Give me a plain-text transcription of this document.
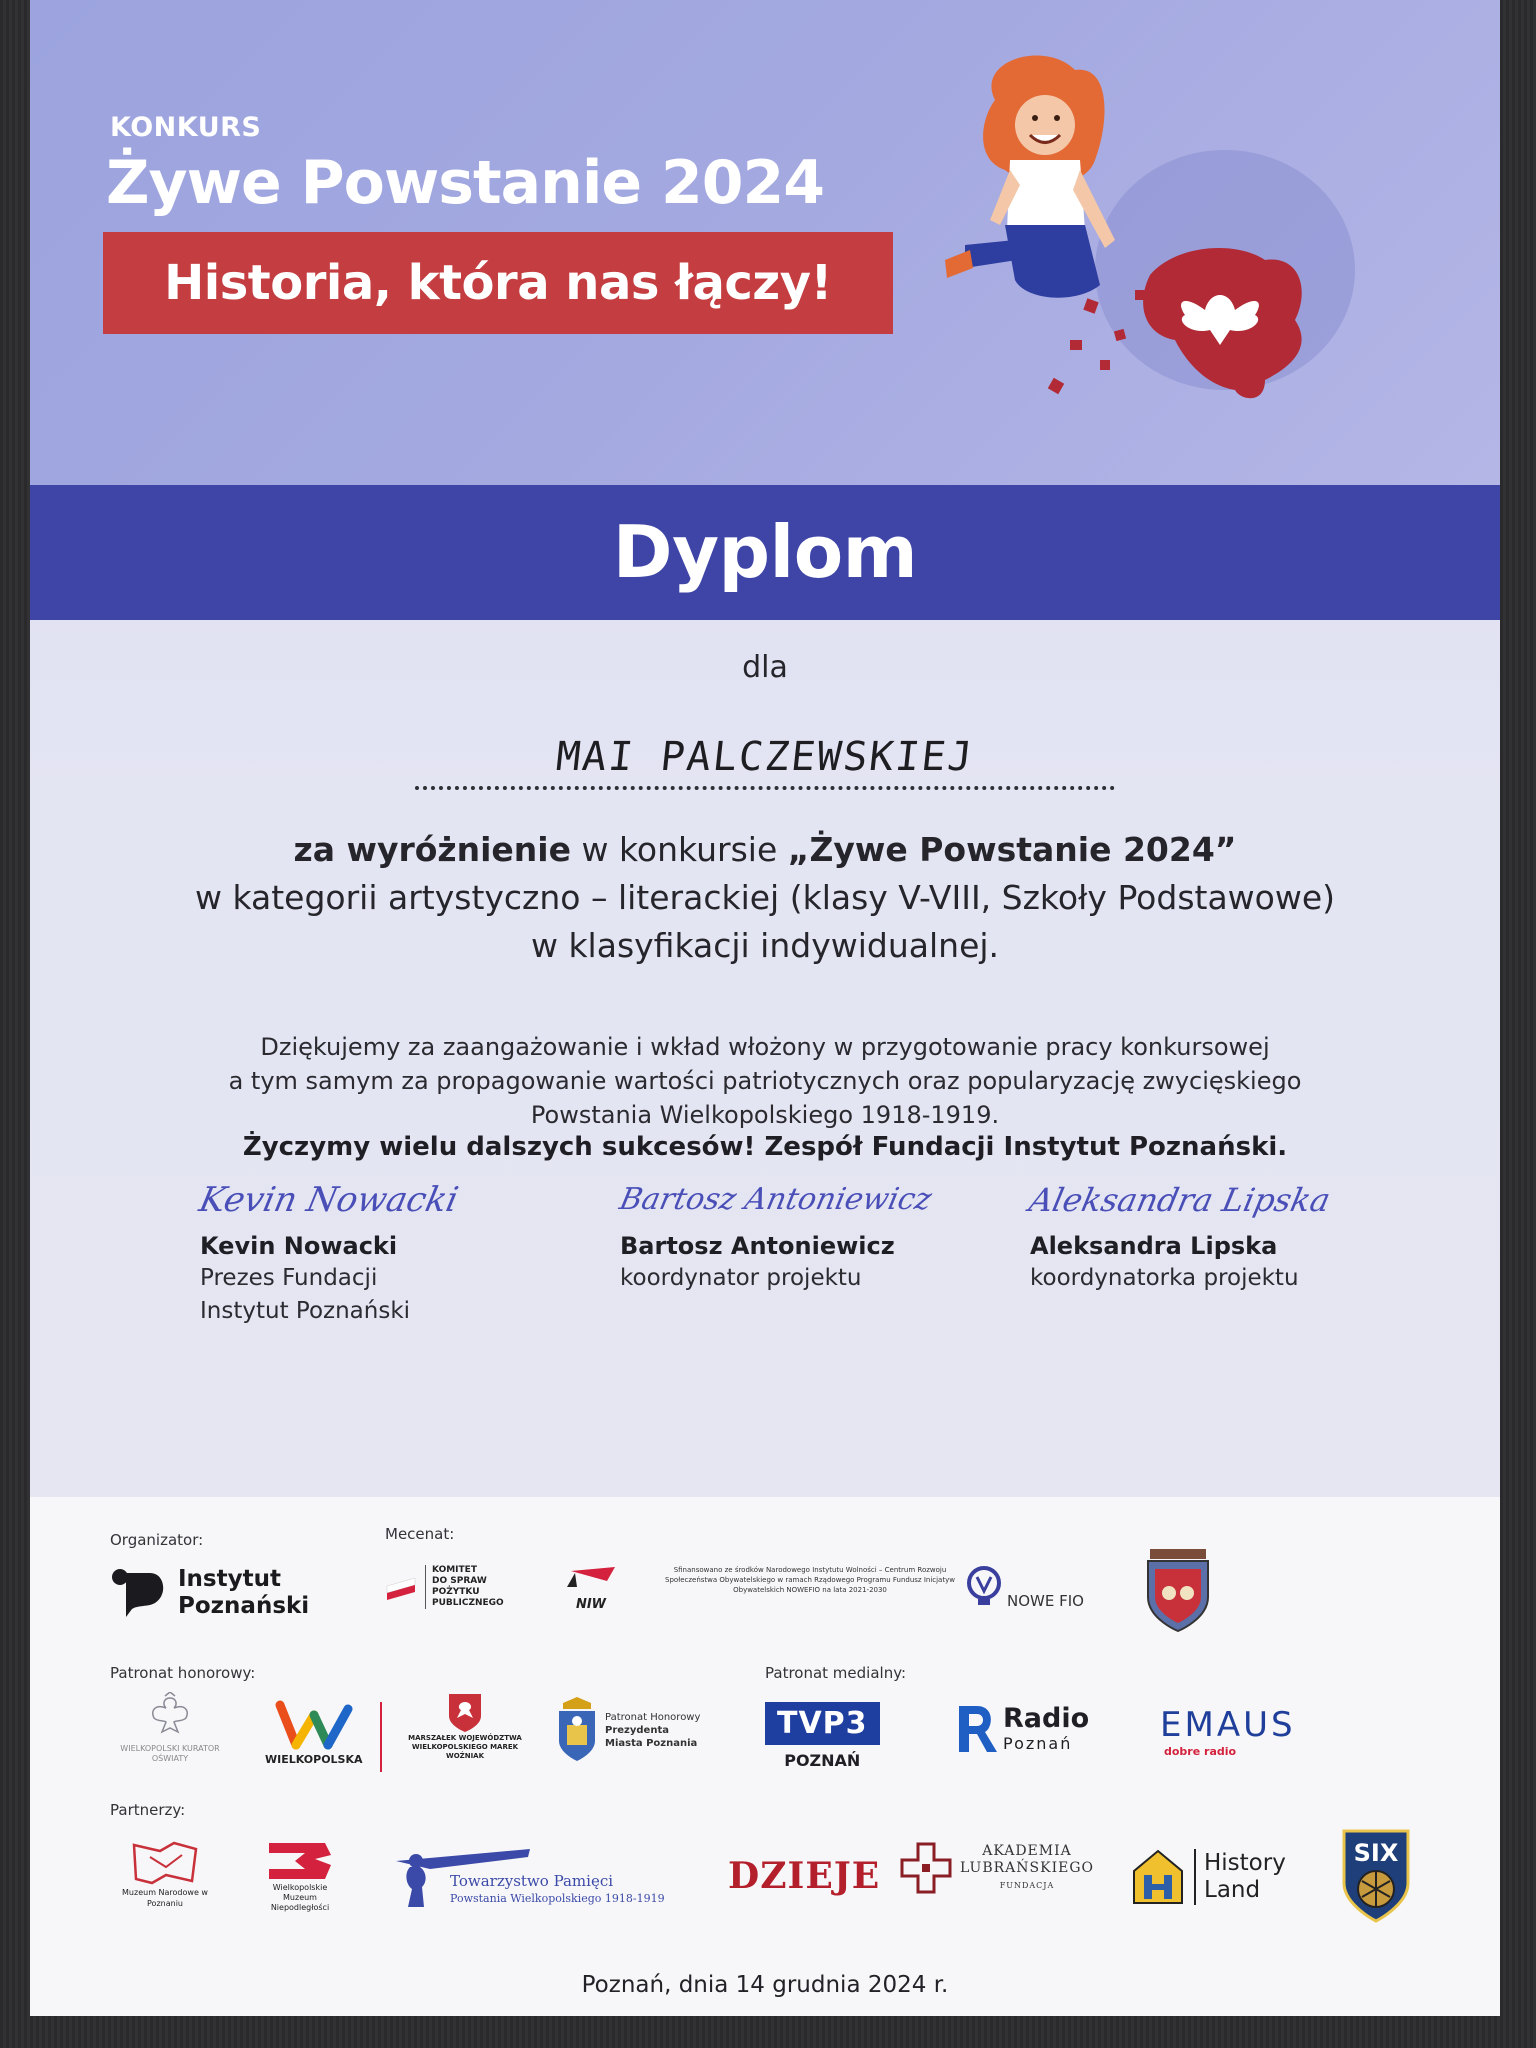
KONKURS
Żywe Powstanie 2024
Historia, która nas łączy!
Dyplom
dla
MAI PALCZEWSKIEJ
za wyróżnienie w konkursie „Żywe Powstanie 2024”
w kategorii artystyczno – literackiej (klasy V-VIII, Szkoły Podstawowe)
w klasyfikacji indywidualnej.
Dziękujemy za zaangażowanie i wkład włożony w przygotowanie pracy konkursowej
a tym samym za propagowanie wartości patriotycznych oraz popularyzację zwycięskiego
Powstania Wielkopolskiego 1918-1919.
Życzymy wielu dalszych sukcesów! Zespół Fundacji Instytut Poznański.
Kevin Nowacki
Kevin Nowacki
Prezes Fundacji
Instytut Poznański
Bartosz Antoniewicz
Bartosz Antoniewicz
koordynator projektu
Aleksandra Lipska
Aleksandra Lipska
koordynatorka projektu
Organizator:
Instytut
Poznański
Mecenat:
KOMITET
DO SPRAW
POŻYTKU
PUBLICZNEGO	NIW
Sfinansowano ze środków Narodowego Instytutu Wolności – Centrum Rozwoju Społeczeństwa Obywatelskiego w ramach Rządowego Programu Fundusz Inicjatyw Obywatelskich NOWEFIO na lata 2021-2030
NOWE FIO
Patronat honorowy:
WIELKOPOLSKI KURATOR OŚWIATY	WIELKOPOLSKA
MARSZAŁEK WOJEWÓDZTWA WIELKOPOLSKIEGO MAREK WOŹNIAK
Patronat Honorowy
Prezydenta
Miasta Poznania
Patronat medialny:
TVP3
POZNAŃ
Radio
Poznań	EMAUS
dobre radio
Partnerzy:
Muzeum Narodowe w Poznaniu
Wielkopolskie Muzeum Niepodległości
Towarzystwo Pamięci
Powstania Wielkopolskiego 1918-1919
DZIEJE
AKADEMIA
LUBRAŃSKIEGO
FUNDACJA
History
Land
SIX
Poznań, dnia 14 grudnia 2024 r.
